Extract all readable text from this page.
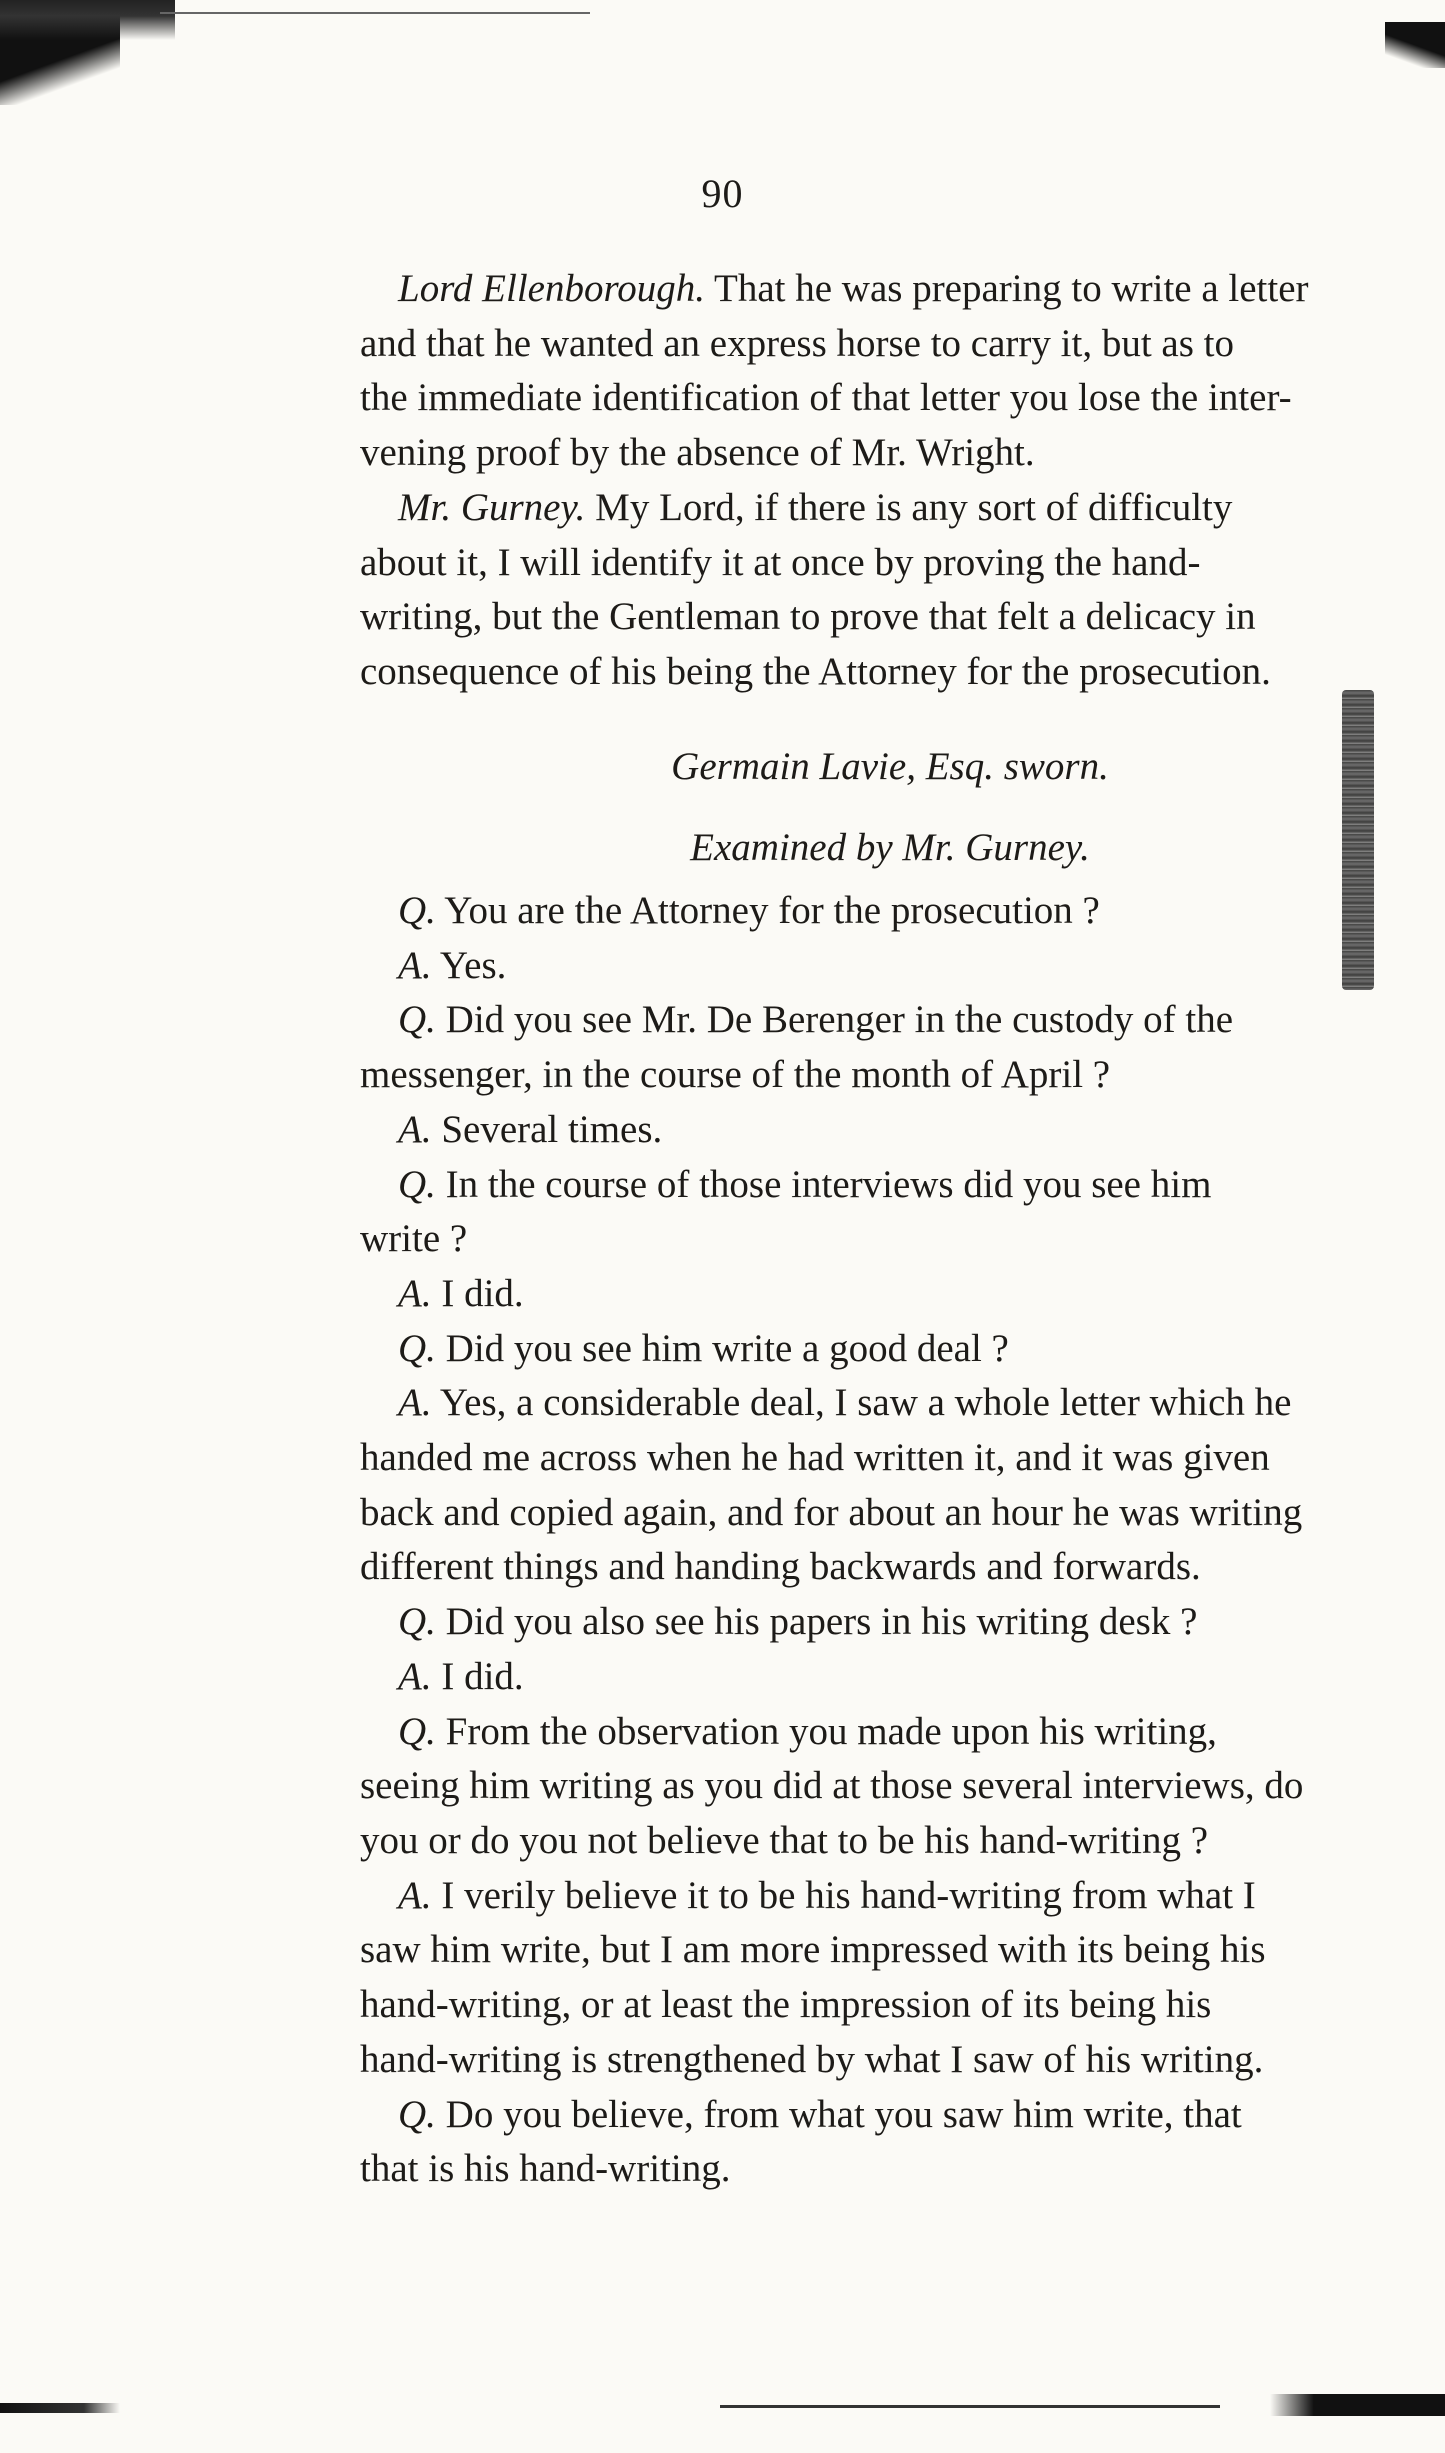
90
Lord Ellenborough. That he was preparing to write a letter
and that he wanted an express horse to carry it, but as to
the immediate identification of that letter you lose the inter-
vening proof by the absence of Mr. Wright.
Mr. Gurney. My Lord, if there is any sort of difficulty
about it, I will identify it at once by proving the hand-
writing, but the Gentleman to prove that felt a delicacy in
consequence of his being the Attorney for the prosecution.
Germain Lavie, Esq. sworn.
Examined by Mr. Gurney.
Q. You are the Attorney for the prosecution ?
A. Yes.
Q. Did you see Mr. De Berenger in the custody of the
messenger, in the course of the month of April ?
A. Several times.
Q. In the course of those interviews did you see him
write ?
A. I did.
Q. Did you see him write a good deal ?
A. Yes, a considerable deal, I saw a whole letter which he
handed me across when he had written it, and it was given
back and copied again, and for about an hour he was writing
different things and handing backwards and forwards.
Q. Did you also see his papers in his writing desk ?
A. I did.
Q. From the observation you made upon his writing,
seeing him writing as you did at those several interviews, do
you or do you not believe that to be his hand-writing ?
A. I verily believe it to be his hand-writing from what I
saw him write, but I am more impressed with its being his
hand-writing, or at least the impression of its being his
hand-writing is strengthened by what I saw of his writing.
Q. Do you believe, from what you saw him write, that
that is his hand-writing.
